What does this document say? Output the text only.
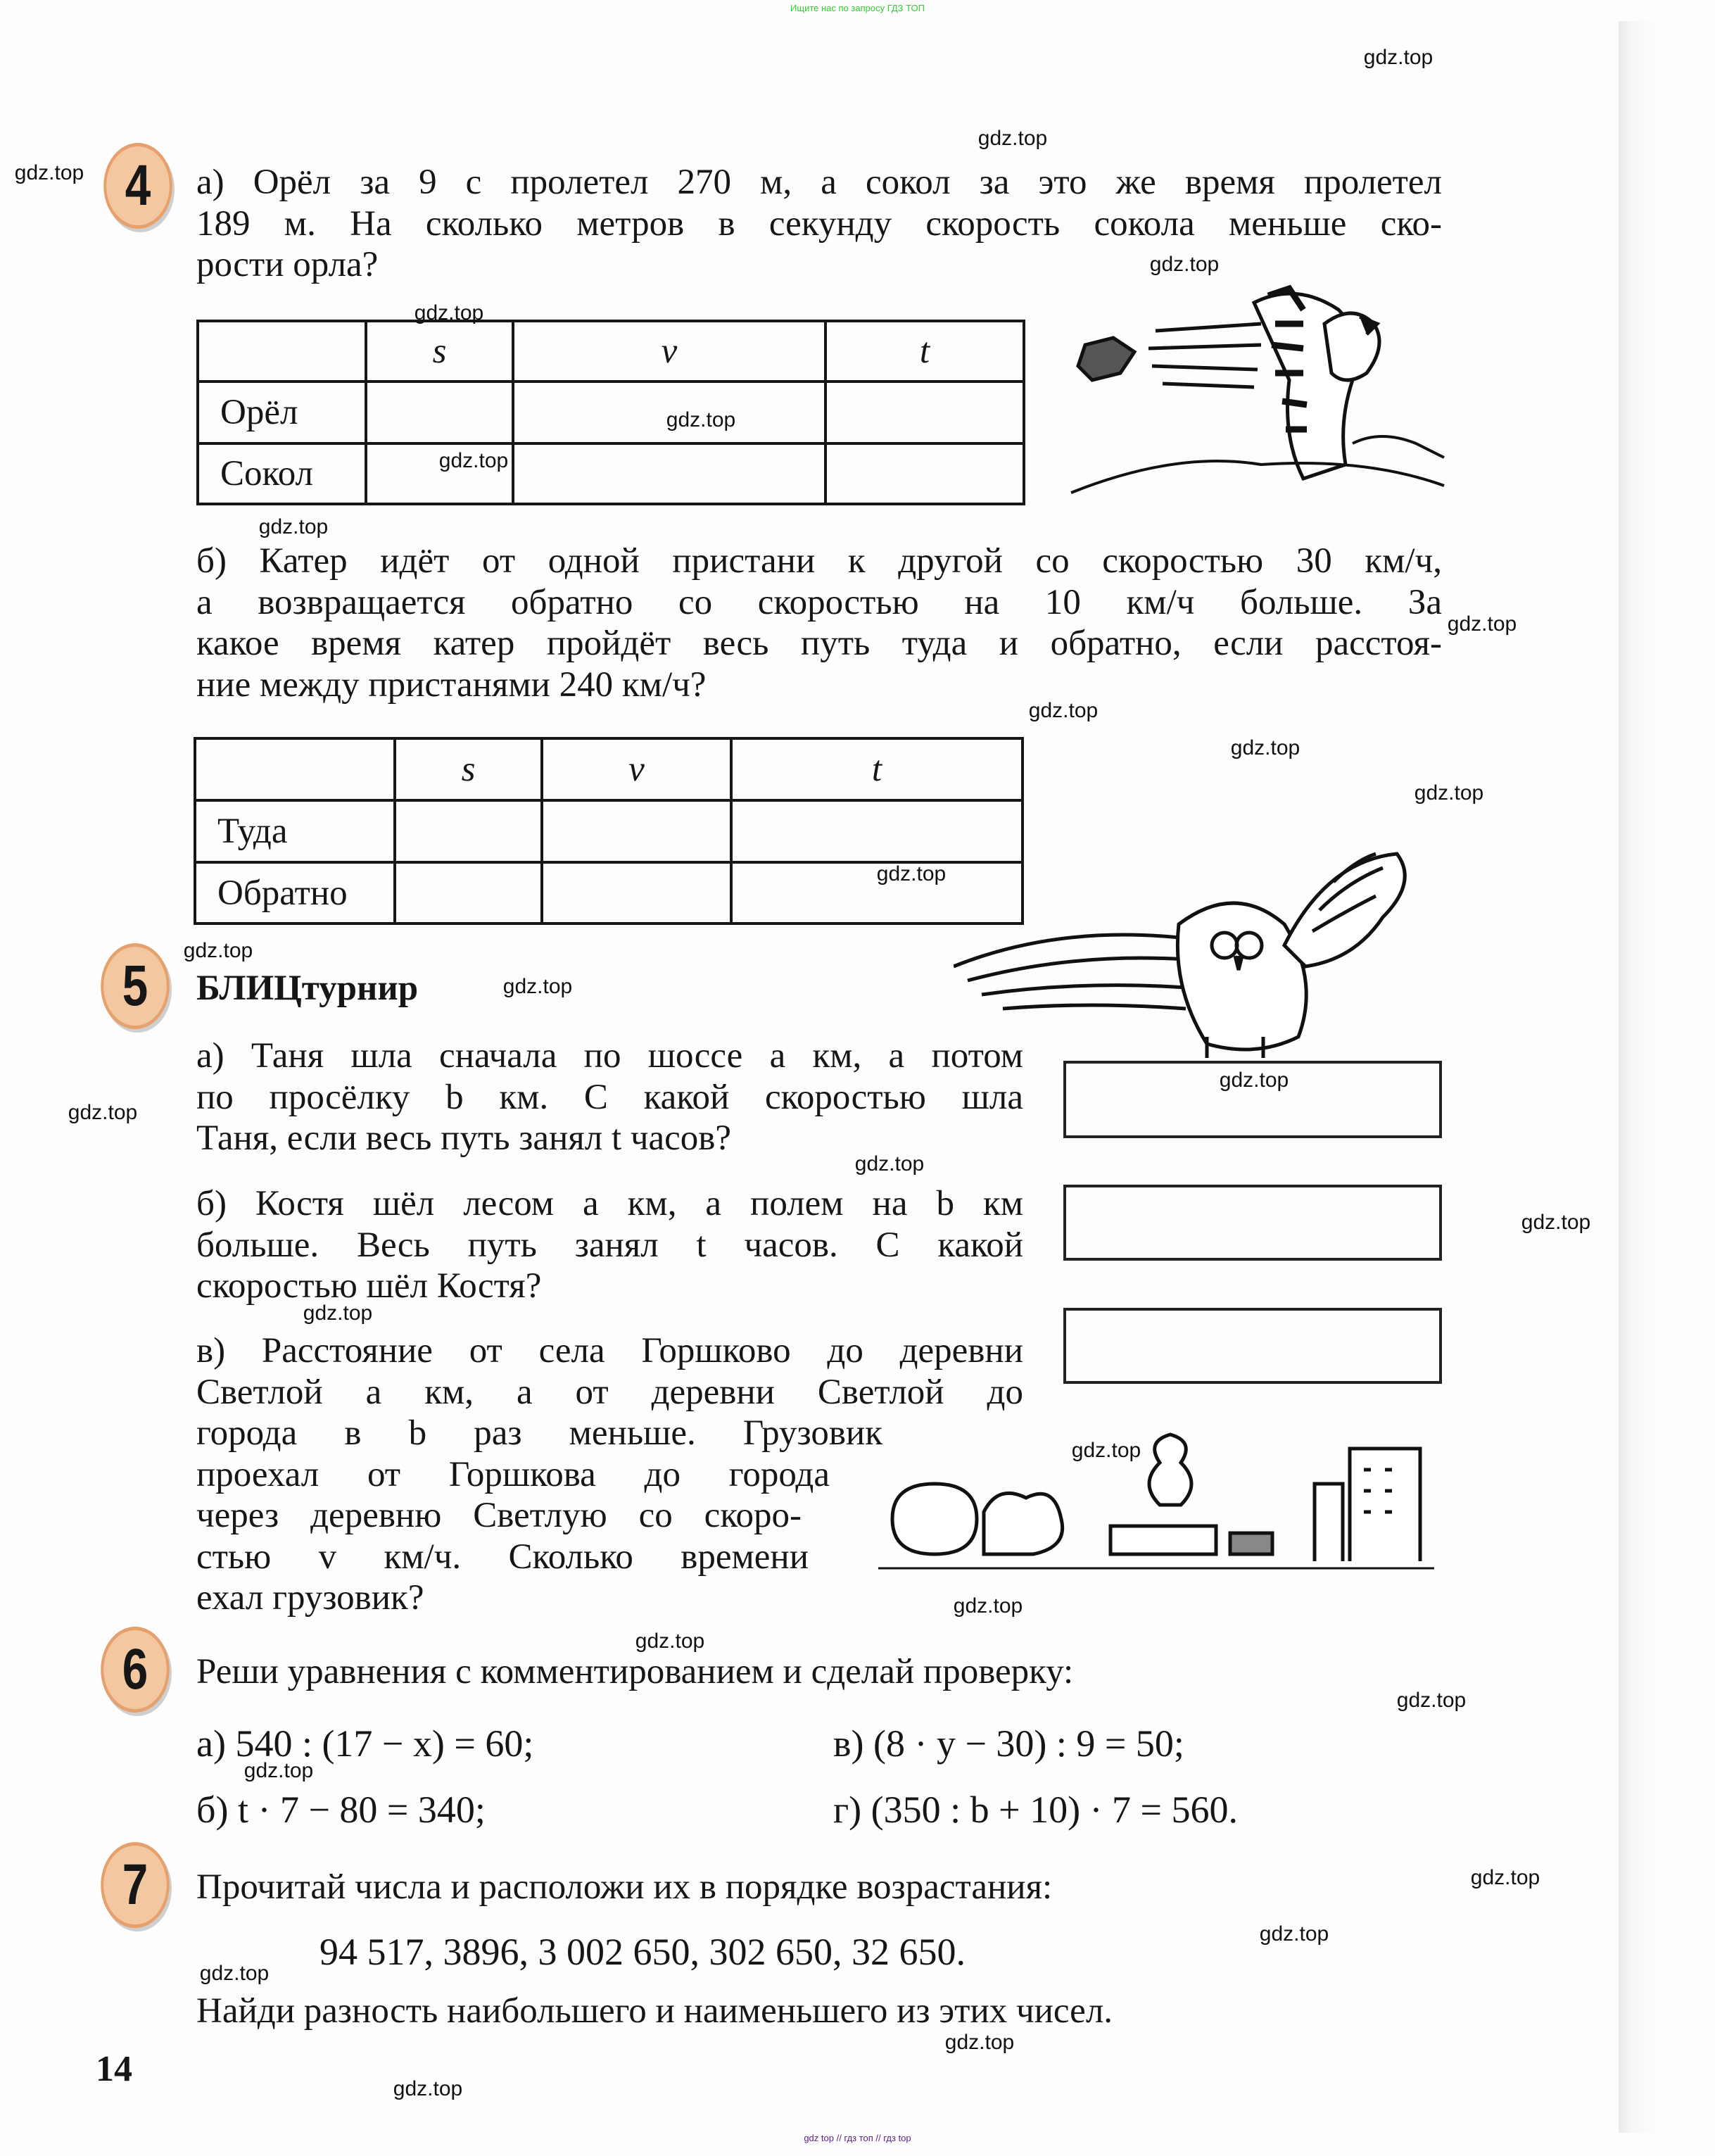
Ищите нас по запросу ГДЗ ТОП
4	а) Орёл за 9 с пролетел 270 м, а сокол за это же время пролетел
189 м. На сколько метров в секунду скорость сокола меньше ско-
рости орла?
	s	v	t
Орёл			
Сокол			
б) Катер идёт от одной пристани к другой со скоростью 30 км/ч,
а возвращается обратно со скоростью на 10 км/ч больше. За
какое время катер пройдёт весь путь туда и обратно, если расстоя-
ние между пристанями 240 км/ч?
	s	v	t
Туда			
Обратно			
5	БЛИЦтурнир
а) Таня шла сначала по шоссе a км, а потом
по просёлку b км. С какой скоростью шла
Таня, если весь путь занял t часов?
б) Костя шёл лесом a км, а полем на b км
больше. Весь путь занял t часов. С какой
скоростью шёл Костя?
в) Расстояние от села Горшково до деревни
Светлой a км, а от деревни Светлой до
города в b раз меньше. Грузовик
проехал от Горшкова до города
через деревню Светлую со скоро-
стью v км/ч. Сколько времени
ехал грузовик?
6	Реши уравнения с комментированием и сделай проверку:
а) 540 : (17 − x) = 60;	в) (8 · y − 30) : 9 = 50;
б) t · 7 − 80 = 340;	г) (350 : b + 10) · 7 = 560.
7	Прочитай числа и расположи их в порядке возрастания:
94 517, 3896, 3 002 650, 302 650, 32 650.
Найди разность наибольшего и наименьшего из этих чисел.
14
gdz top // гдз топ // гдз top
gdz.top
gdz.top
gdz.top
gdz.top
gdz.top
gdz.top
gdz.top
gdz.top
gdz.top
gdz.top
gdz.top
gdz.top
gdz.top
gdz.top
gdz.top
gdz.top
gdz.top
gdz.top
gdz.top
gdz.top
gdz.top
gdz.top
gdz.top
gdz.top
gdz.top
gdz.top
gdz.top
gdz.top
gdz.top
gdz.top
